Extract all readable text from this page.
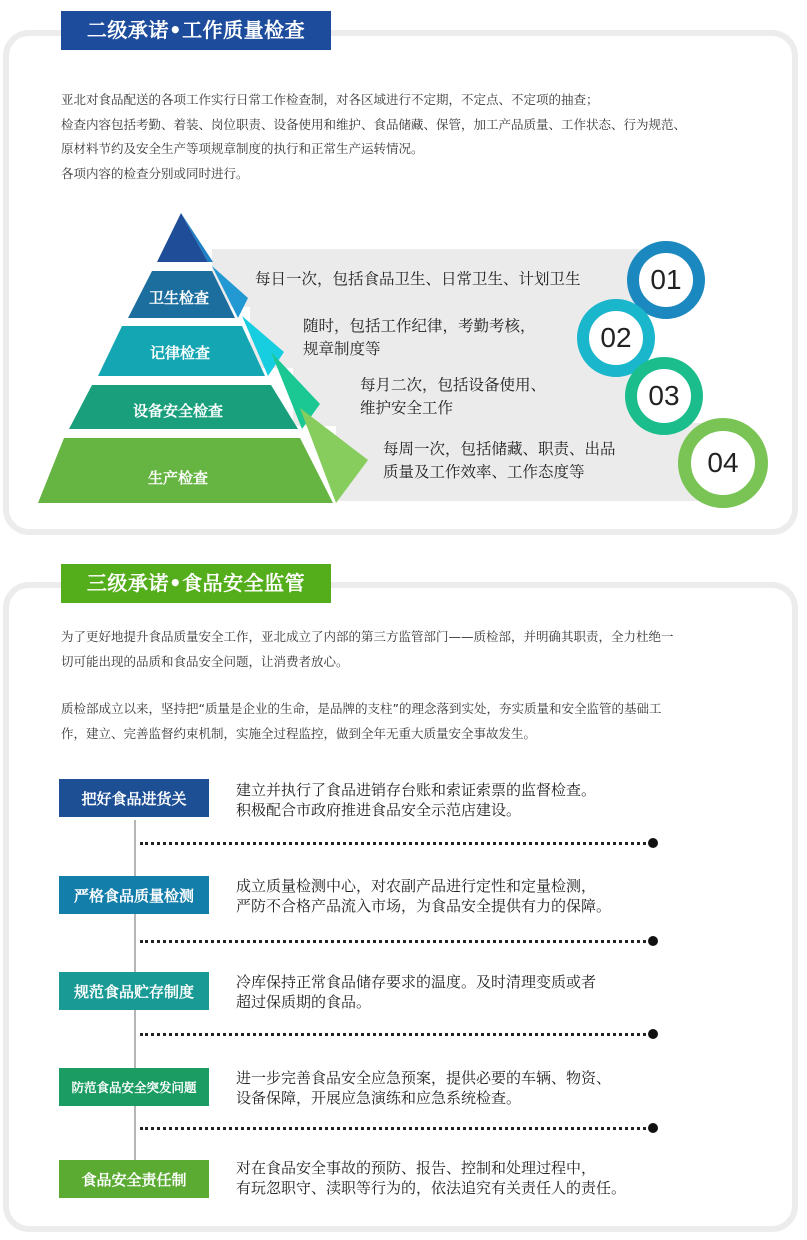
二级承诺•工作质量检查

亚北对食品配送的各项工作实行日常工作检查制，对各区域进行不定期，不定点、不定项的抽查；

检查内容包括考勤、着装、岗位职责、设备使用和维护、食品储藏、保管，加工产品质量、工作状态、行为规范、

原材料节约及安全生产等项规章制度的执行和正常生产运转情况。

各项内容的检查分别或同时进行。

卫生检查
记律检查
设备安全检查
生产检查

每日一次，包括食品卫生、日常卫生、计划卫生

随时，包括工作纪律，考勤考核，

规章制度等

每月二次，包括设备使用、

维护安全工作

每周一次，包括储藏、职责、出品

质量及工作效率、工作态度等

01
02
03
04
三级承诺•食品安全监管

为了更好地提升食品质量安全工作，亚北成立了内部的第三方监管部门——质检部，并明确其职责，全力杜绝一

切可能出现的品质和食品安全问题，让消费者放心。

质检部成立以来，坚持把“质量是企业的生命，是品牌的支柱”的理念落到实处，夯实质量和安全监管的基础工

作，建立、完善监督约束机制，实施全过程监控，做到全年无重大质量安全事故发生。

把好食品进货关	建立并执行了食品进销存台账和索证索票的监督检查。

积极配合市政府推进食品安全示范店建设。

严格食品质量检测

成立质量检测中心，对农副产品进行定性和定量检测，

严防不合格产品流入市场，为食品安全提供有力的保障。

规范食品贮存制度

冷库保持正常食品储存要求的温度。及时清理变质或者

超过保质期的食品。

防范食品安全突发问题

进一步完善食品安全应急预案，提供必要的车辆、物资、

设备保障，开展应急演练和应急系统检查。

食品安全责任制

对在食品安全事故的预防、报告、控制和处理过程中，

有玩忽职守、渎职等行为的，依法追究有关责任人的责任。
